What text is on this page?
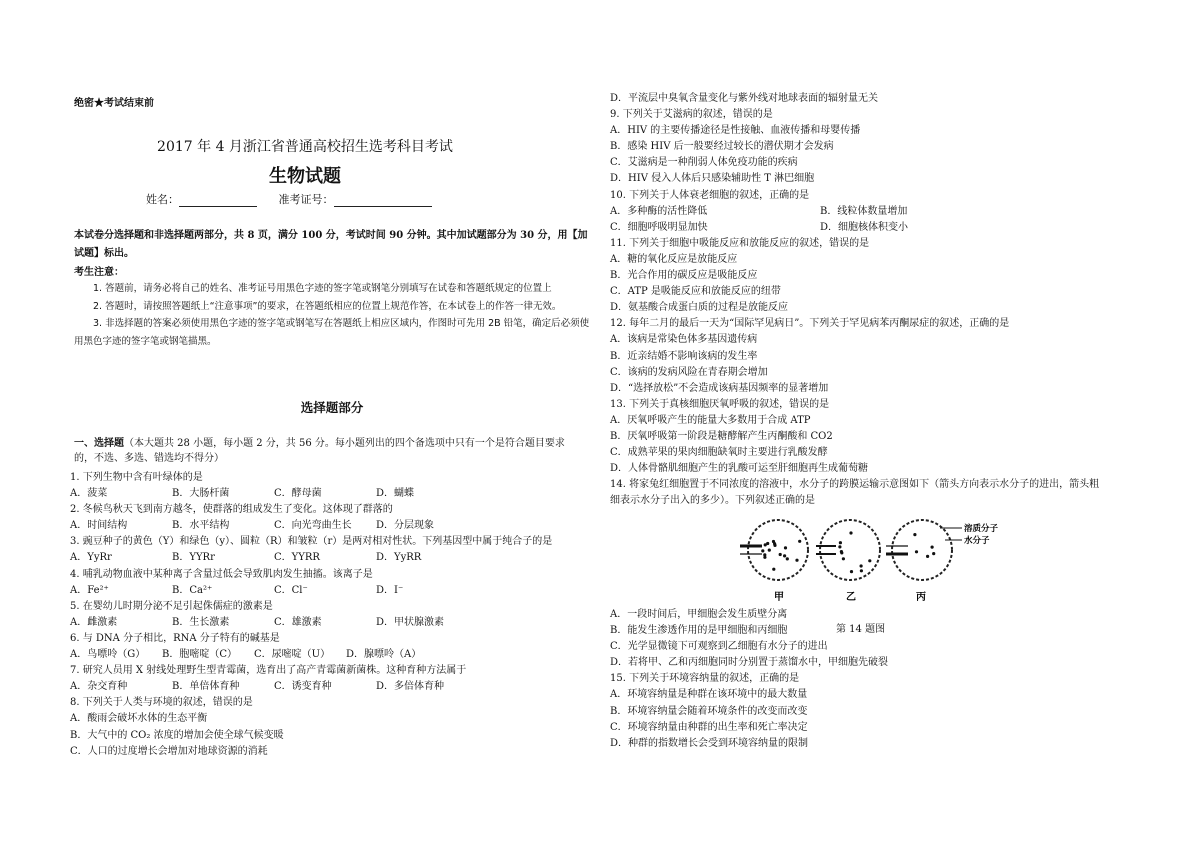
绝密★考试结束前
2017 年 4 月浙江省普通高校招生选考科目考试
生物试题
姓名：	准考证号：
本试卷分选择题和非选择题两部分，共 8 页，满分 100 分，考试时间 90 分钟。其中加试题部分为 30 分，用【加试题】标出。
考生注意：

1. 答题前，请务必将自己的姓名、准考证号用黑色字迹的签字笔或钢笔分别填写在试卷和答题纸规定的位置上

2. 答题时，请按照答题纸上“注意事项”的要求，在答题纸相应的位置上规范作答，在本试卷上的作答一律无效。

3. 非选择题的答案必须使用黑色字迹的签字笔或钢笔写在答题纸上相应区域内，作图时可先用 2B 铅笔，确定后必须使用黑色字迹的签字笔或钢笔描黑。

选择题部分
一、选择题（本大题共 28 小题，每小题 2 分，共 56 分。每小题列出的四个备选项中只有一个是符合题目要求的，不选、多选、错选均不得分）
1. 下列生物中含有叶绿体的是
A．菠菜	B．大肠杆菌	C．酵母菌	D．蝴蝶
2. 冬候鸟秋天飞到南方越冬，使群落的组成发生了变化。这体现了群落的
A．时间结构	B．水平结构	C．向光弯曲生长 D．分层现象
3. 豌豆种子的黄色（Y）和绿色（y）、圆粒（R）和皱粒（r）是两对相对性状。下列基因型中属于纯合子的是
A．YyRr	B．YYRr	C．YYRR	D．YyRR
4. 哺乳动物血液中某种离子含量过低会导致肌肉发生抽搐。该离子是
A．Fe²⁺	B．Ca²⁺	C．Cl⁻	D．I⁻
5. 在婴幼儿时期分泌不足引起侏儒症的激素是
A．雌激素	B．生长激素	C．雄激素	D．甲状腺激素
6. 与 DNA 分子相比，RNA 分子特有的碱基是
A．鸟嘌呤（G） B．胞嘧啶（C） C．尿嘧啶（U） D．腺嘌呤（A）
7. 研究人员用 X 射线处理野生型青霉菌，选育出了高产青霉菌新菌株。这种育种方法属于
A．杂交育种	B．单倍体育种	C．诱变育种	D．多倍体育种
8. 下列关于人类与环境的叙述，错误的是
A．酸雨会破坏水体的生态平衡
B．大气中的 CO₂ 浓度的增加会使全球气候变暖
C．人口的过度增长会增加对地球资源的消耗
D．平流层中臭氧含量变化与紫外线对地球表面的辐射量无关
9. 下列关于艾滋病的叙述，错误的是
A．HIV 的主要传播途径是性接触、血液传播和母婴传播
B．感染 HIV 后一般要经过较长的潜伏期才会发病
C．艾滋病是一种削弱人体免疫功能的疾病
D．HIV 侵入人体后只感染辅助性 T 淋巴细胞
10. 下列关于人体衰老细胞的叙述，正确的是
A．多种酶的活性降低	B．线粒体数量增加
C．细胞呼吸明显加快	D．细胞核体积变小
11. 下列关于细胞中吸能反应和放能反应的叙述，错误的是
A．糖的氧化反应是放能反应
B．光合作用的碳反应是吸能反应
C．ATP 是吸能反应和放能反应的纽带
D．氨基酸合成蛋白质的过程是放能反应
12. 每年二月的最后一天为“国际罕见病日”。下列关于罕见病苯丙酮尿症的叙述，正确的是
A．该病是常染色体多基因遗传病
B．近亲结婚不影响该病的发生率
C．该病的发病风险在青春期会增加
D．“选择放松”不会造成该病基因频率的显著增加
13. 下列关于真核细胞厌氧呼吸的叙述，错误的是
A．厌氧呼吸产生的能量大多数用于合成 ATP
B．厌氧呼吸第一阶段是糖酵解产生丙酮酸和 CO2
C．成熟苹果的果肉细胞缺氧时主要进行乳酸发酵
D．人体骨骼肌细胞产生的乳酸可运至肝细胞再生成葡萄糖
14. 将家兔红细胞置于不同浓度的溶液中，水分子的跨膜运输示意图如下（箭头方向表示水分子的进出，箭头粗
细表示水分子出入的多少）。下列叙述正确的是
溶质分子
水分子
甲	乙	丙
第 14 题图
A．一段时间后，甲细胞会发生质壁分离
B．能发生渗透作用的是甲细胞和丙细胞
C．光学显微镜下可观察到乙细胞有水分子的进出
D．若将甲、乙和丙细胞同时分别置于蒸馏水中，甲细胞先破裂
15. 下列关于环境容纳量的叙述，正确的是
A．环境容纳量是种群在该环境中的最大数量
B．环境容纳量会随着环境条件的改变而改变
C．环境容纳量由种群的出生率和死亡率决定
D．种群的指数增长会受到环境容纳量的限制
